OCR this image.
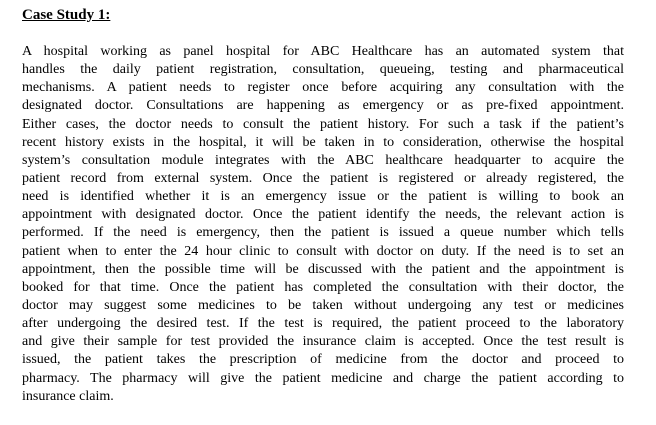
Case Study 1:
A hospital working as panel hospital for ABC Healthcare has an automated system that
handles the daily patient registration, consultation, queueing, testing and pharmaceutical
mechanisms. A patient needs to register once before acquiring any consultation with the
designated doctor. Consultations are happening as emergency or as pre-fixed appointment.
Either cases, the doctor needs to consult the patient history. For such a task if the patient’s
recent history exists in the hospital, it will be taken in to consideration, otherwise the hospital
system’s consultation module integrates with the ABC healthcare headquarter to acquire the
patient record from external system. Once the patient is registered or already registered, the
need is identified whether it is an emergency issue or the patient is willing to book an
appointment with designated doctor. Once the patient identify the needs, the relevant action is
performed. If the need is emergency, then the patient is issued a queue number which tells
patient when to enter the 24 hour clinic to consult with doctor on duty. If the need is to set an
appointment, then the possible time will be discussed with the patient and the appointment is
booked for that time. Once the patient has completed the consultation with their doctor, the
doctor may suggest some medicines to be taken without undergoing any test or medicines
after undergoing the desired test. If the test is required, the patient proceed to the laboratory
and give their sample for test provided the insurance claim is accepted. Once the test result is
issued, the patient takes the prescription of medicine from the doctor and proceed to
pharmacy. The pharmacy will give the patient medicine and charge the patient according to
insurance claim.
